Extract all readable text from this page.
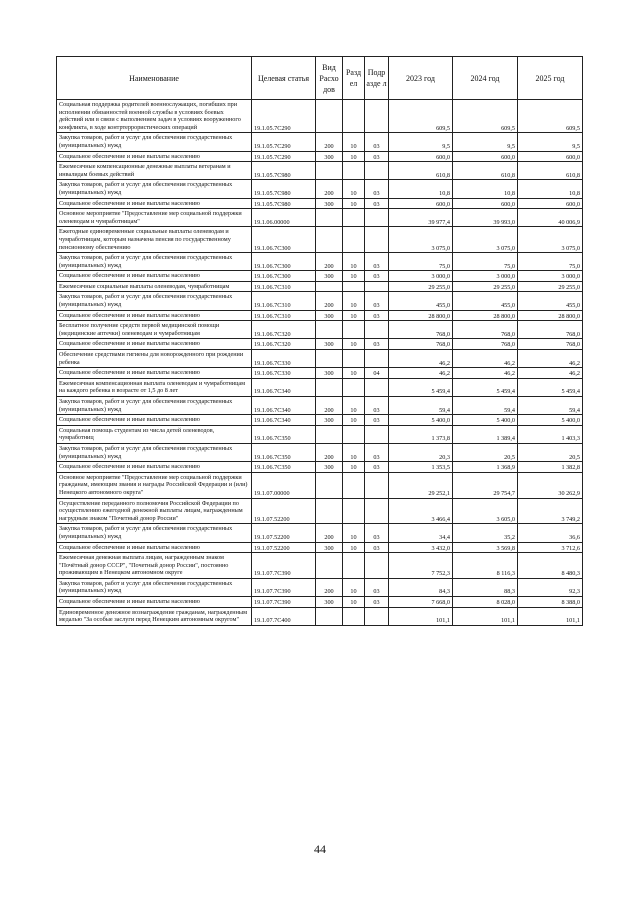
Наименование	Целевая статья	Вид Расхо дов	Разд ел	Подр азде л	2023 год	2024 год	2025 год
Социальная поддержка родителей военнослужащих, погибших при исполнении обязанностей военной службы в условиях боевых действий или в связи с выполнением задач в условиях вооруженного конфликта, в ходе контртеррористических операций	19.1.05.7С290				609,5	609,5	609,5
Закупка товаров, работ и услуг для обеспечения государственных (муниципальных) нужд	19.1.05.7С290	200	10	03	9,5	9,5	9,5
Социальное обеспечение и иные выплаты населению	19.1.05.7С290	300	10	03	600,0	600,0	600,0
Ежемесячные компенсационные денежные выплаты ветеранам и инвалидам боевых действий	19.1.05.7С980				610,8	610,8	610,8
Закупка товаров, работ и услуг для обеспечения государственных (муниципальных) нужд	19.1.05.7С980	200	10	03	10,8	10,8	10,8
Социальное обеспечение и иные выплаты населению	19.1.05.7С980	300	10	03	600,0	600,0	600,0
Основное мероприятие "Предоставление мер социальной поддержки оленеводам и чумработницам"	19.1.06.00000				39 977,4	39 993,0	40 006,9
Ежегодные единовременные социальные выплаты оленеводам и чумработницам, которым назначена пенсия по государственному пенсионному обеспечению	19.1.06.7С300				3 075,0	3 075,0	3 075,0
Закупка товаров, работ и услуг для обеспечения государственных (муниципальных) нужд	19.1.06.7С300	200	10	03	75,0	75,0	75,0
Социальное обеспечение и иные выплаты населению	19.1.06.7С300	300	10	03	3 000,0	3 000,0	3 000,0
Ежемесячные социальные выплаты оленеводам, чумработницам	19.1.06.7С310				29 255,0	29 255,0	29 255,0
Закупка товаров, работ и услуг для обеспечения государственных (муниципальных) нужд	19.1.06.7С310	200	10	03	455,0	455,0	455,0
Социальное обеспечение и иные выплаты населению	19.1.06.7С310	300	10	03	28 800,0	28 800,0	28 800,0
Бесплатное получение средств первой медицинской помощи (медицинские аптечки) оленеводам и чумработницам	19.1.06.7С320				768,0	768,0	768,0
Социальное обеспечение и иные выплаты населению	19.1.06.7С320	300	10	03	768,0	768,0	768,0
Обеспечение средствами гигиены для новорожденного при рождении ребенка	19.1.06.7С330				46,2	46,2	46,2
Социальное обеспечение и иные выплаты населению	19.1.06.7С330	300	10	04	46,2	46,2	46,2
Ежемесячная компенсационная выплата оленеводам и чумработницам на каждого ребенка в возрасте от 1,5 до 8 лет	19.1.06.7С340				5 459,4	5 459,4	5 459,4
Закупка товаров, работ и услуг для обеспечения государственных (муниципальных) нужд	19.1.06.7С340	200	10	03	59,4	59,4	59,4
Социальное обеспечение и иные выплаты населению	19.1.06.7С340	300	10	03	5 400,0	5 400,0	5 400,0
Социальная помощь студентам из числа детей оленеводов, чумработниц	19.1.06.7С350				1 373,8	1 389,4	1 403,3
Закупка товаров, работ и услуг для обеспечения государственных (муниципальных) нужд	19.1.06.7С350	200	10	03	20,3	20,5	20,5
Социальное обеспечение и иные выплаты населению	19.1.06.7С350	300	10	03	1 353,5	1 368,9	1 382,8
Основное мероприятие "Предоставление мер социальной поддержки гражданам, имеющим звания и награды Российской Федерации и (или) Ненецкого автономного округа"	19.1.07.00000				29 252,1	29 754,7	30 262,9
Осуществление переданного полномочия Российской Федерации по осуществлению ежегодной денежной выплаты лицам, награжденным нагрудным знаком "Почетный донор России"	19.1.07.52200				3 466,4	3 605,0	3 749,2
Закупка товаров, работ и услуг для обеспечения государственных (муниципальных) нужд	19.1.07.52200	200	10	03	34,4	35,2	36,6
Социальное обеспечение и иные выплаты населению	19.1.07.52200	300	10	03	3 432,0	3 569,8	3 712,6
Ежемесячная денежная выплата лицам, награжденным знаком "Почётный донор СССР", "Почетный донор России", постоянно проживающим в Ненецком автономном округе	19.1.07.7С390				7 752,3	8 116,3	8 480,3
Закупка товаров, работ и услуг для обеспечения государственных (муниципальных) нужд	19.1.07.7С390	200	10	03	84,3	88,3	92,3
Социальное обеспечение и иные выплаты населению	19.1.07.7С390	300	10	03	7 668,0	8 028,0	8 388,0
Единовременное денежное вознаграждение гражданам, награжденным медалью "За особые заслуги перед Ненецким автономным округом"	19.1.07.7С400				101,1	101,1	101,1
44
